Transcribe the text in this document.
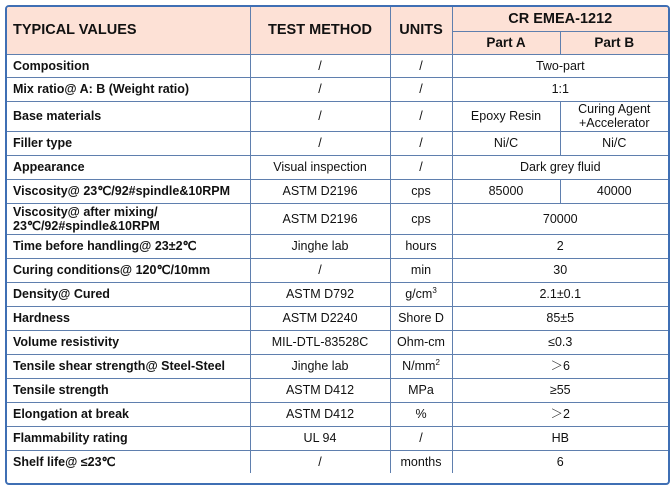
TYPICAL VALUES	TEST METHOD	UNITS	CR EMEA-1212	
			Part A	Part B
Composition	/	/	Two-part	
Mix ratio@ A: B (Weight ratio)	/	/	1:1	
Base materials	/	/	Epoxy Resin	Curing Agent
+Accelerator

Filler type	/	/	Ni/C	Ni/C
Appearance	Visual inspection	/	Dark grey fluid	
Viscosity@ 23℃/92#spindle&10RPM	ASTM D2196	cps	85000	40000

Viscosity@ after mixing/
23℃/92#spindle&10RPM	ASTM D2196	cps	70000	
Time before handling@ 23±2℃	Jinghe lab	hours	2	
Curing conditions@ 120℃/10mm	/	min	30	
Density@ Cured	ASTM D792	$g/cm^3$	2.1±0.1	
Hardness	ASTM D2240	Shore D	85±5	
Volume resistivity	MIL-DTL-83528C	Ohm-cm	≤0.3	
Tensile shear strength@ Steel-Steel	Jinghe lab	$N/mm^2$	＞6	
Tensile strength	ASTM D412	MPa	≥55	
Elongation at break	ASTM D412	%	＞2	
Flammability rating	UL 94	/	HB	
Shelf life@ ≤23℃	/	months	6	
